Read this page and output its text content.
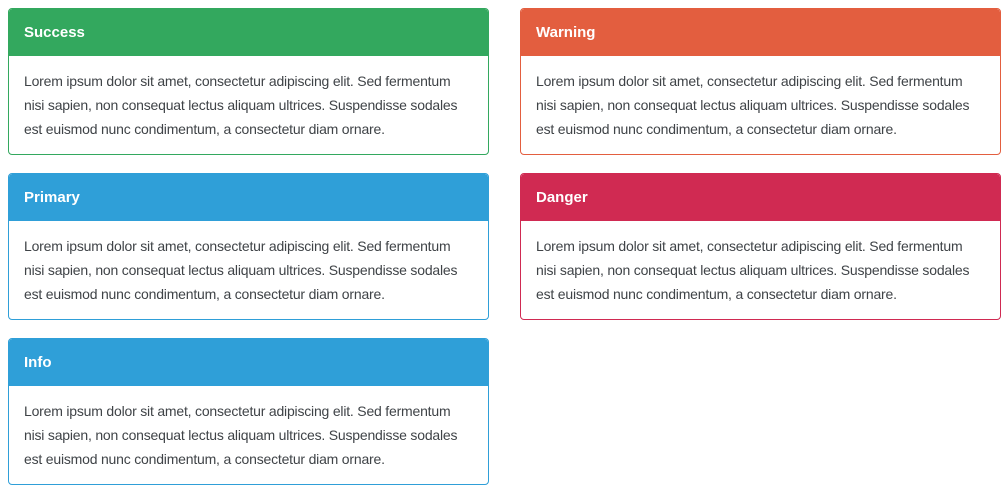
Success
Lorem ipsum dolor sit amet, consectetur adipiscing elit. Sed fermentum nisi sapien, non consequat lectus aliquam ultrices. Suspendisse sodales est euismod nunc condimentum, a consectetur diam ornare.
Warning
Lorem ipsum dolor sit amet, consectetur adipiscing elit. Sed fermentum nisi sapien, non consequat lectus aliquam ultrices. Suspendisse sodales est euismod nunc condimentum, a consectetur diam ornare.
Primary
Lorem ipsum dolor sit amet, consectetur adipiscing elit. Sed fermentum nisi sapien, non consequat lectus aliquam ultrices. Suspendisse sodales est euismod nunc condimentum, a consectetur diam ornare.
Danger
Lorem ipsum dolor sit amet, consectetur adipiscing elit. Sed fermentum nisi sapien, non consequat lectus aliquam ultrices. Suspendisse sodales est euismod nunc condimentum, a consectetur diam ornare.
Info
Lorem ipsum dolor sit amet, consectetur adipiscing elit. Sed fermentum nisi sapien, non consequat lectus aliquam ultrices. Suspendisse sodales est euismod nunc condimentum, a consectetur diam ornare.
